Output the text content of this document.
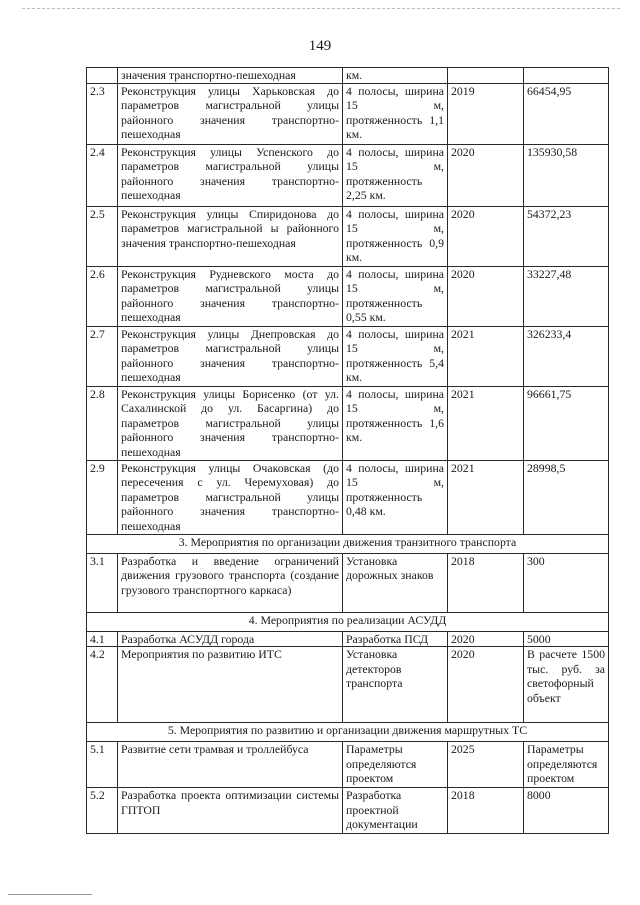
149
	значения транспортно-пешеходная	км.		
2.3	Реконструкция улицы Харьковская до параметров магистральной улицы районного значения транспортно-пешеходная	4 полосы, ширина 15 м, протяженность 1,1 км.	2019	66454,95
2.4	Реконструкция улицы Успенского до параметров магистральной улицы районного значения транспортно-пешеходная	4 полосы, ширина 15 м, протяженность 2,25 км.	2020	135930,58
2.5	Реконструкция улицы Спиридонова до параметров магистральной ы районного значения транспортно-пешеходная	4 полосы, ширина 15 м, протяженность 0,9 км.	2020	54372,23
2.6	Реконструкция Рудневского моста до параметров магистральной улицы районного значения транспортно-пешеходная	4 полосы, ширина 15 м, протяженность 0,55 км.	2020	33227,48
2.7	Реконструкция улицы Днепровская до параметров магистральной улицы районного значения транспортно-пешеходная	4 полосы, ширина 15 м, протяженность 5,4 км.	2021	326233,4
2.8	Реконструкция улицы Борисенко (от ул. Сахалинской до ул. Басаргина) до параметров магистральной улицы районного значения транспортно-пешеходная	4 полосы, ширина 15 м, протяженность 1,6 км.	2021	96661,75
2.9	Реконструкция улицы Очаковская (до пересечения с ул. Черемуховая) до параметров магистральной улицы районного значения транспортно-пешеходная	4 полосы, ширина 15 м, протяженность 0,48 км.	2021	28998,5
3. Мероприятия по организации движения транзитного транспорта				
3.1	Разработка и введение ограничений движения грузового транспорта (создание грузового транспортного каркаса)	Установка дорожных знаков	2018	300
4. Мероприятия по реализации АСУДД				
4.1	Разработка АСУДД города	Разработка ПСД	2020	5000
4.2	Мероприятия по развитию ИТС	Установка детекторов транспорта	2020	В расчете 1500 тыс. руб. за светофорный объект
5. Мероприятия по развитию и организации движения маршрутных ТС				
5.1	Развитие сети трамвая и троллейбуса	Параметры определяются проектом	2025	Параметры определяются проектом
5.2	Разработка проекта оптимизации системы ГПТОП	Разработка проектной документации	2018	8000
